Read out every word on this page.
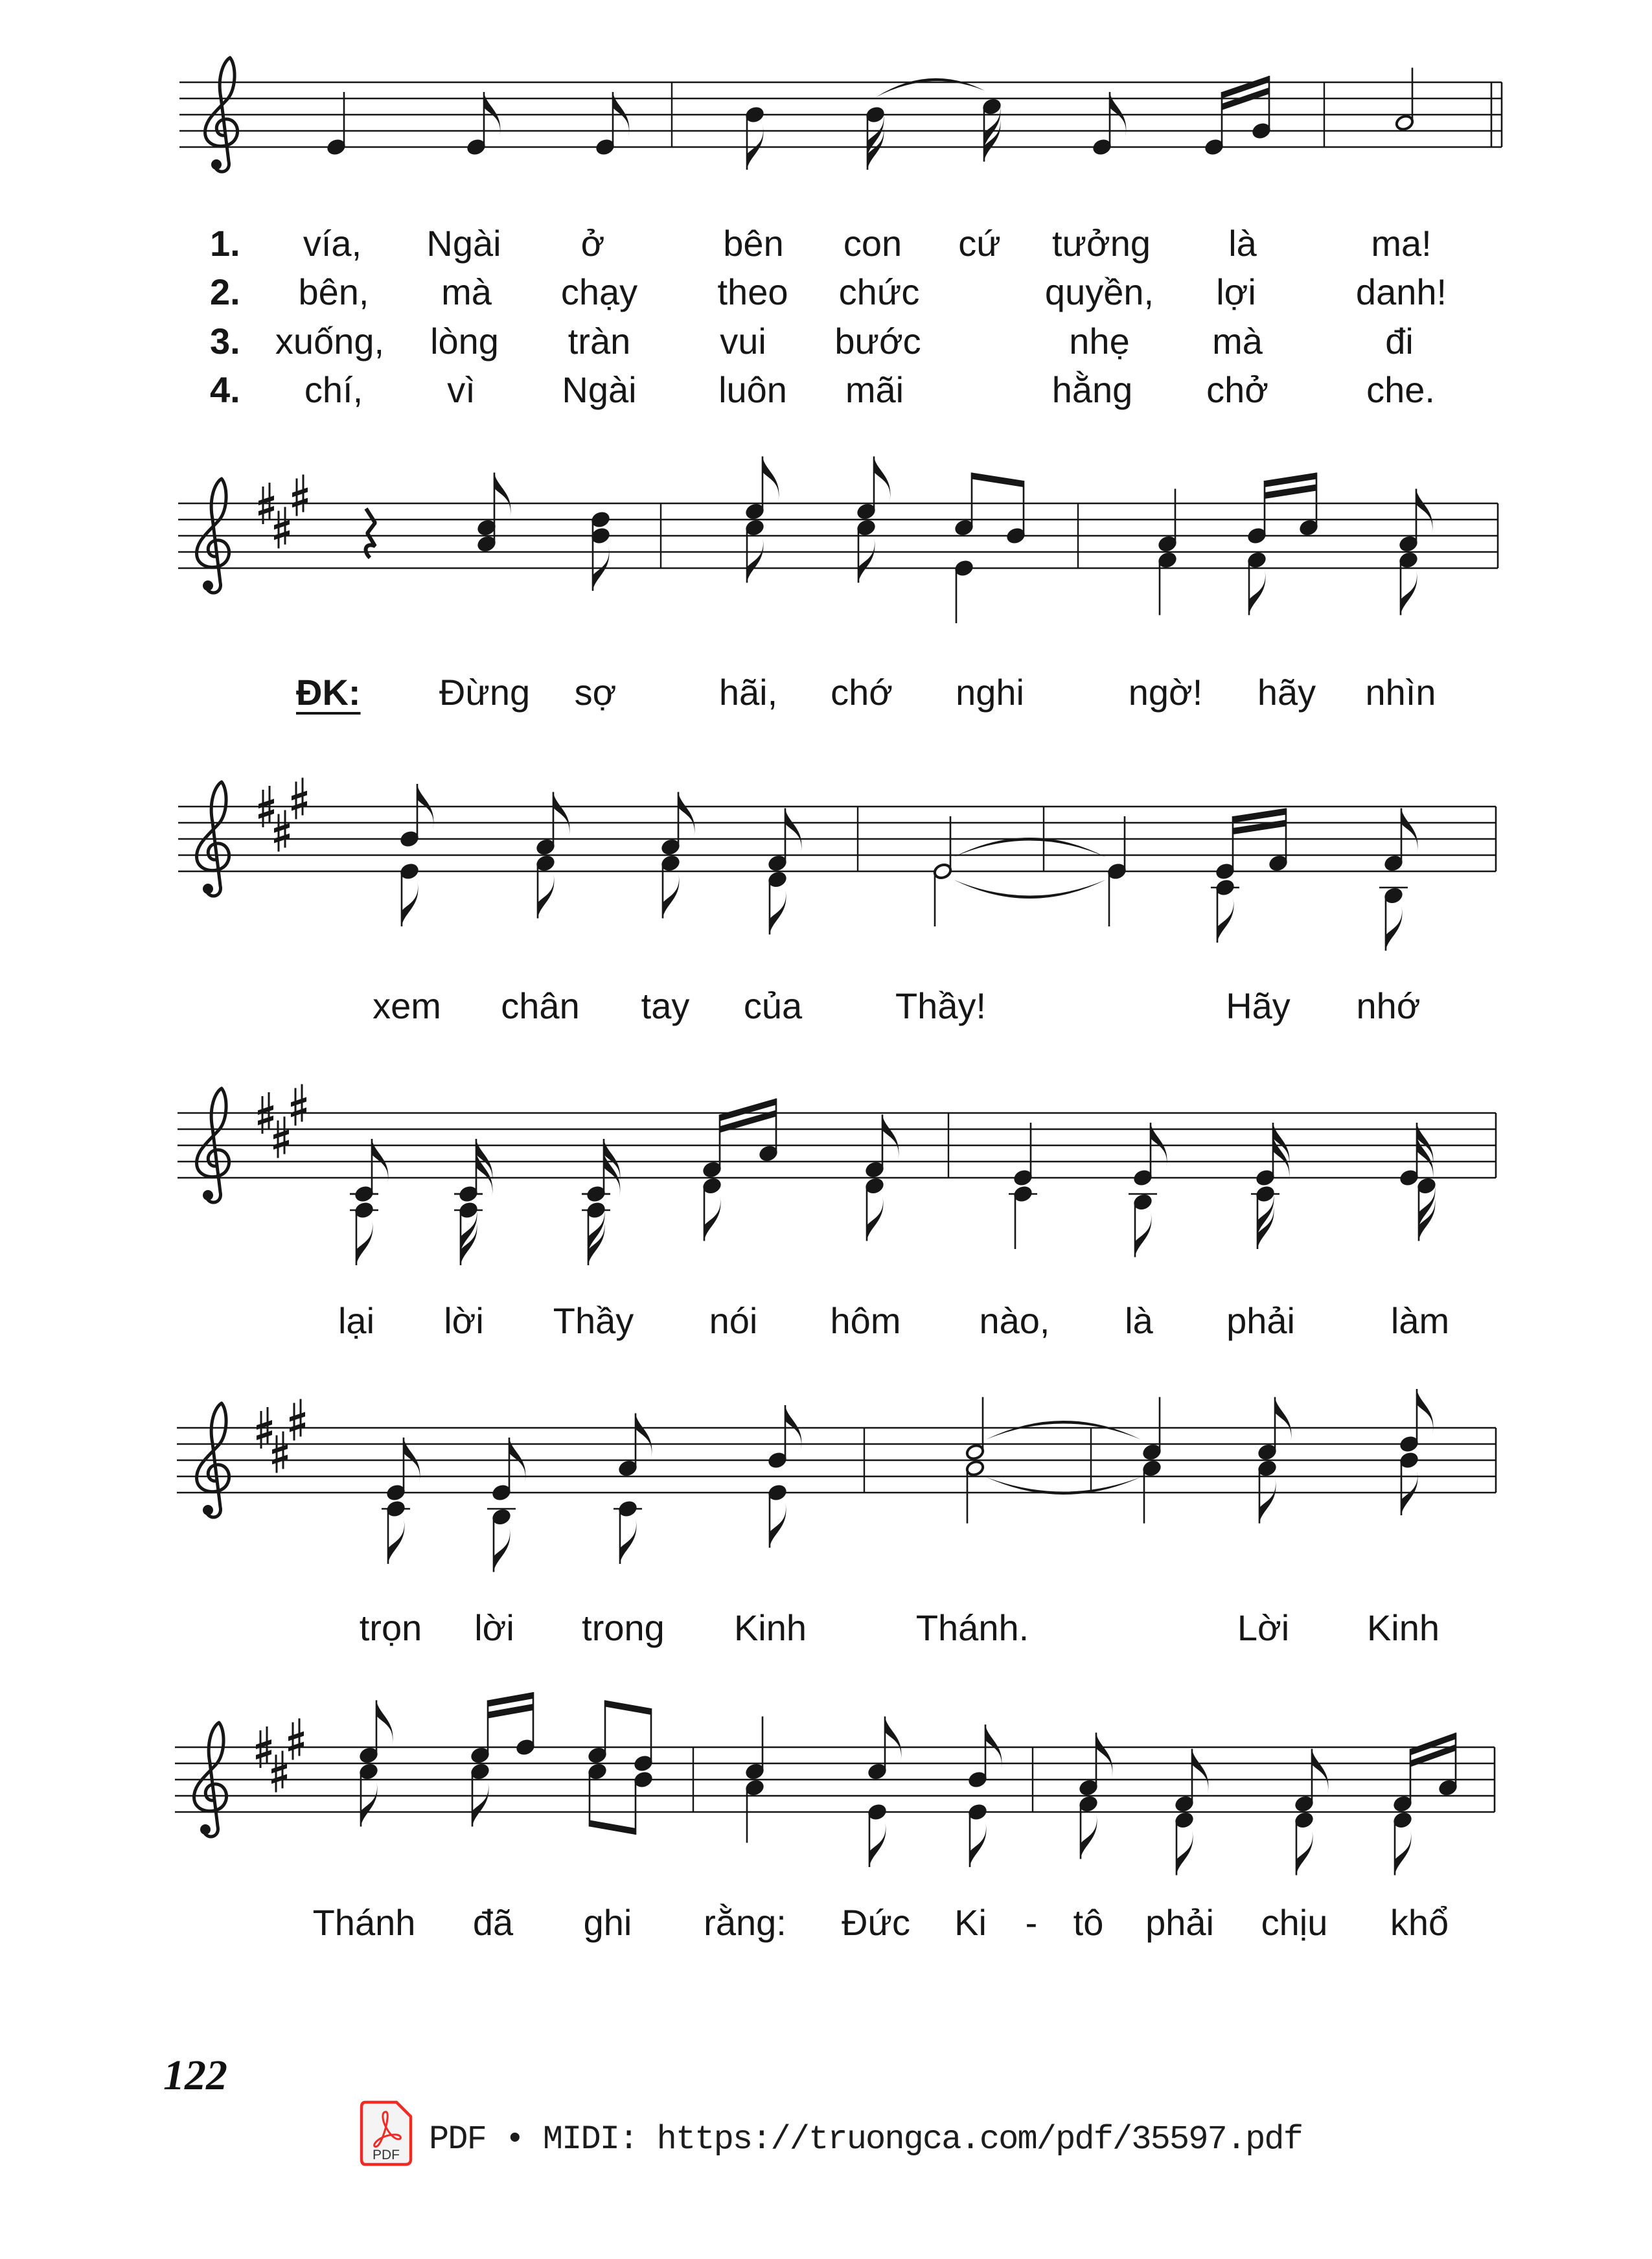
1. vía, Ngài ở	bên con cứ tưởng là	ma!
2. bên, mà chạy theo chức	quyền, lợi	danh!
3. xuống, lòng tràn vui bước	nhẹ mà	đi
4. chí, vì Ngài luôn mãi	hằng chở	che.
ĐK: Đừng sợ	hãi, chớ nghi	ngờ! hãy nhìn
xem chân tay của	Thầy!	Hãy nhớ
lại lời Thầy nói hôm nào, là phải	làm
trọn lời trong Kinh	Thánh.	Lời Kinh
Thánh đã ghi rằng: Đức Ki - tô phải chịu khổ
122
PDF PDF • MIDI: https://truongca.com/pdf/35597.pdf
